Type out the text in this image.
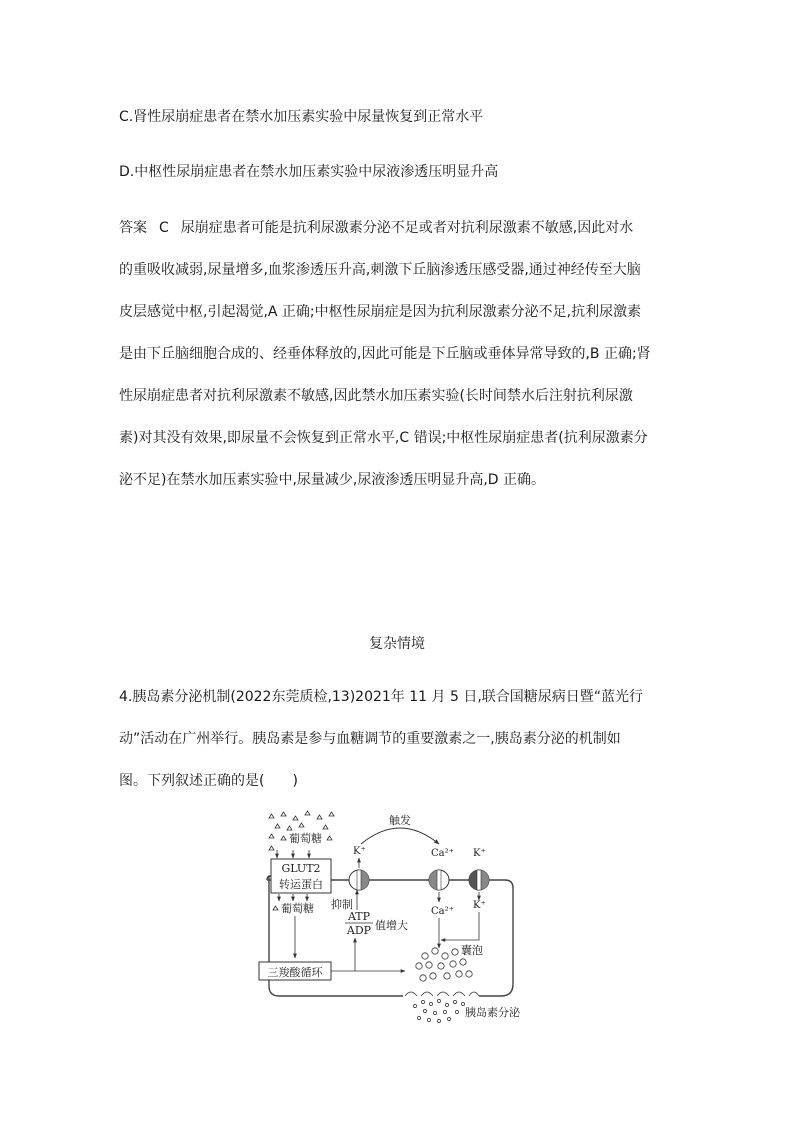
C.肾性尿崩症患者在禁水加压素实验中尿量恢复到正常水平
D.中枢性尿崩症患者在禁水加压素实验中尿液渗透压明显升高
答案 C 尿崩症患者可能是抗利尿激素分泌不足或者对抗利尿激素不敏感,因此对水
的重吸收减弱,尿量增多,血浆渗透压升高,刺激下丘脑渗透压感受器,通过神经传至大脑
皮层感觉中枢,引起渴觉,A 正确;中枢性尿崩症是因为抗利尿激素分泌不足,抗利尿激素
是由下丘脑细胞合成的、经垂体释放的,因此可能是下丘脑或垂体异常导致的,B 正确;肾
性尿崩症患者对抗利尿激素不敏感,因此禁水加压素实验(长时间禁水后注射抗利尿激
素)对其没有效果,即尿量不会恢复到正常水平,C 错误;中枢性尿崩症患者(抗利尿激素分
泌不足)在禁水加压素实验中,尿量减少,尿液渗透压明显升高,D 正确。
复杂情境
4.胰岛素分泌机制(2022东莞质检,13)2021年 11 月 5 日,联合国糖尿病日暨“蓝光行
动”活动在广州举行。胰岛素是参与血糖调节的重要激素之一,胰岛素分泌的机制如
图。下列叙述正确的是(　　)
葡萄糖
GLUT2
转运蛋白
葡萄糖
三羧酸循环
ATP
ADP 值增大
抑制
K⁺
触发
Ca²⁺
Ca²⁺
K⁺
K⁺
囊泡
胰岛素分泌
